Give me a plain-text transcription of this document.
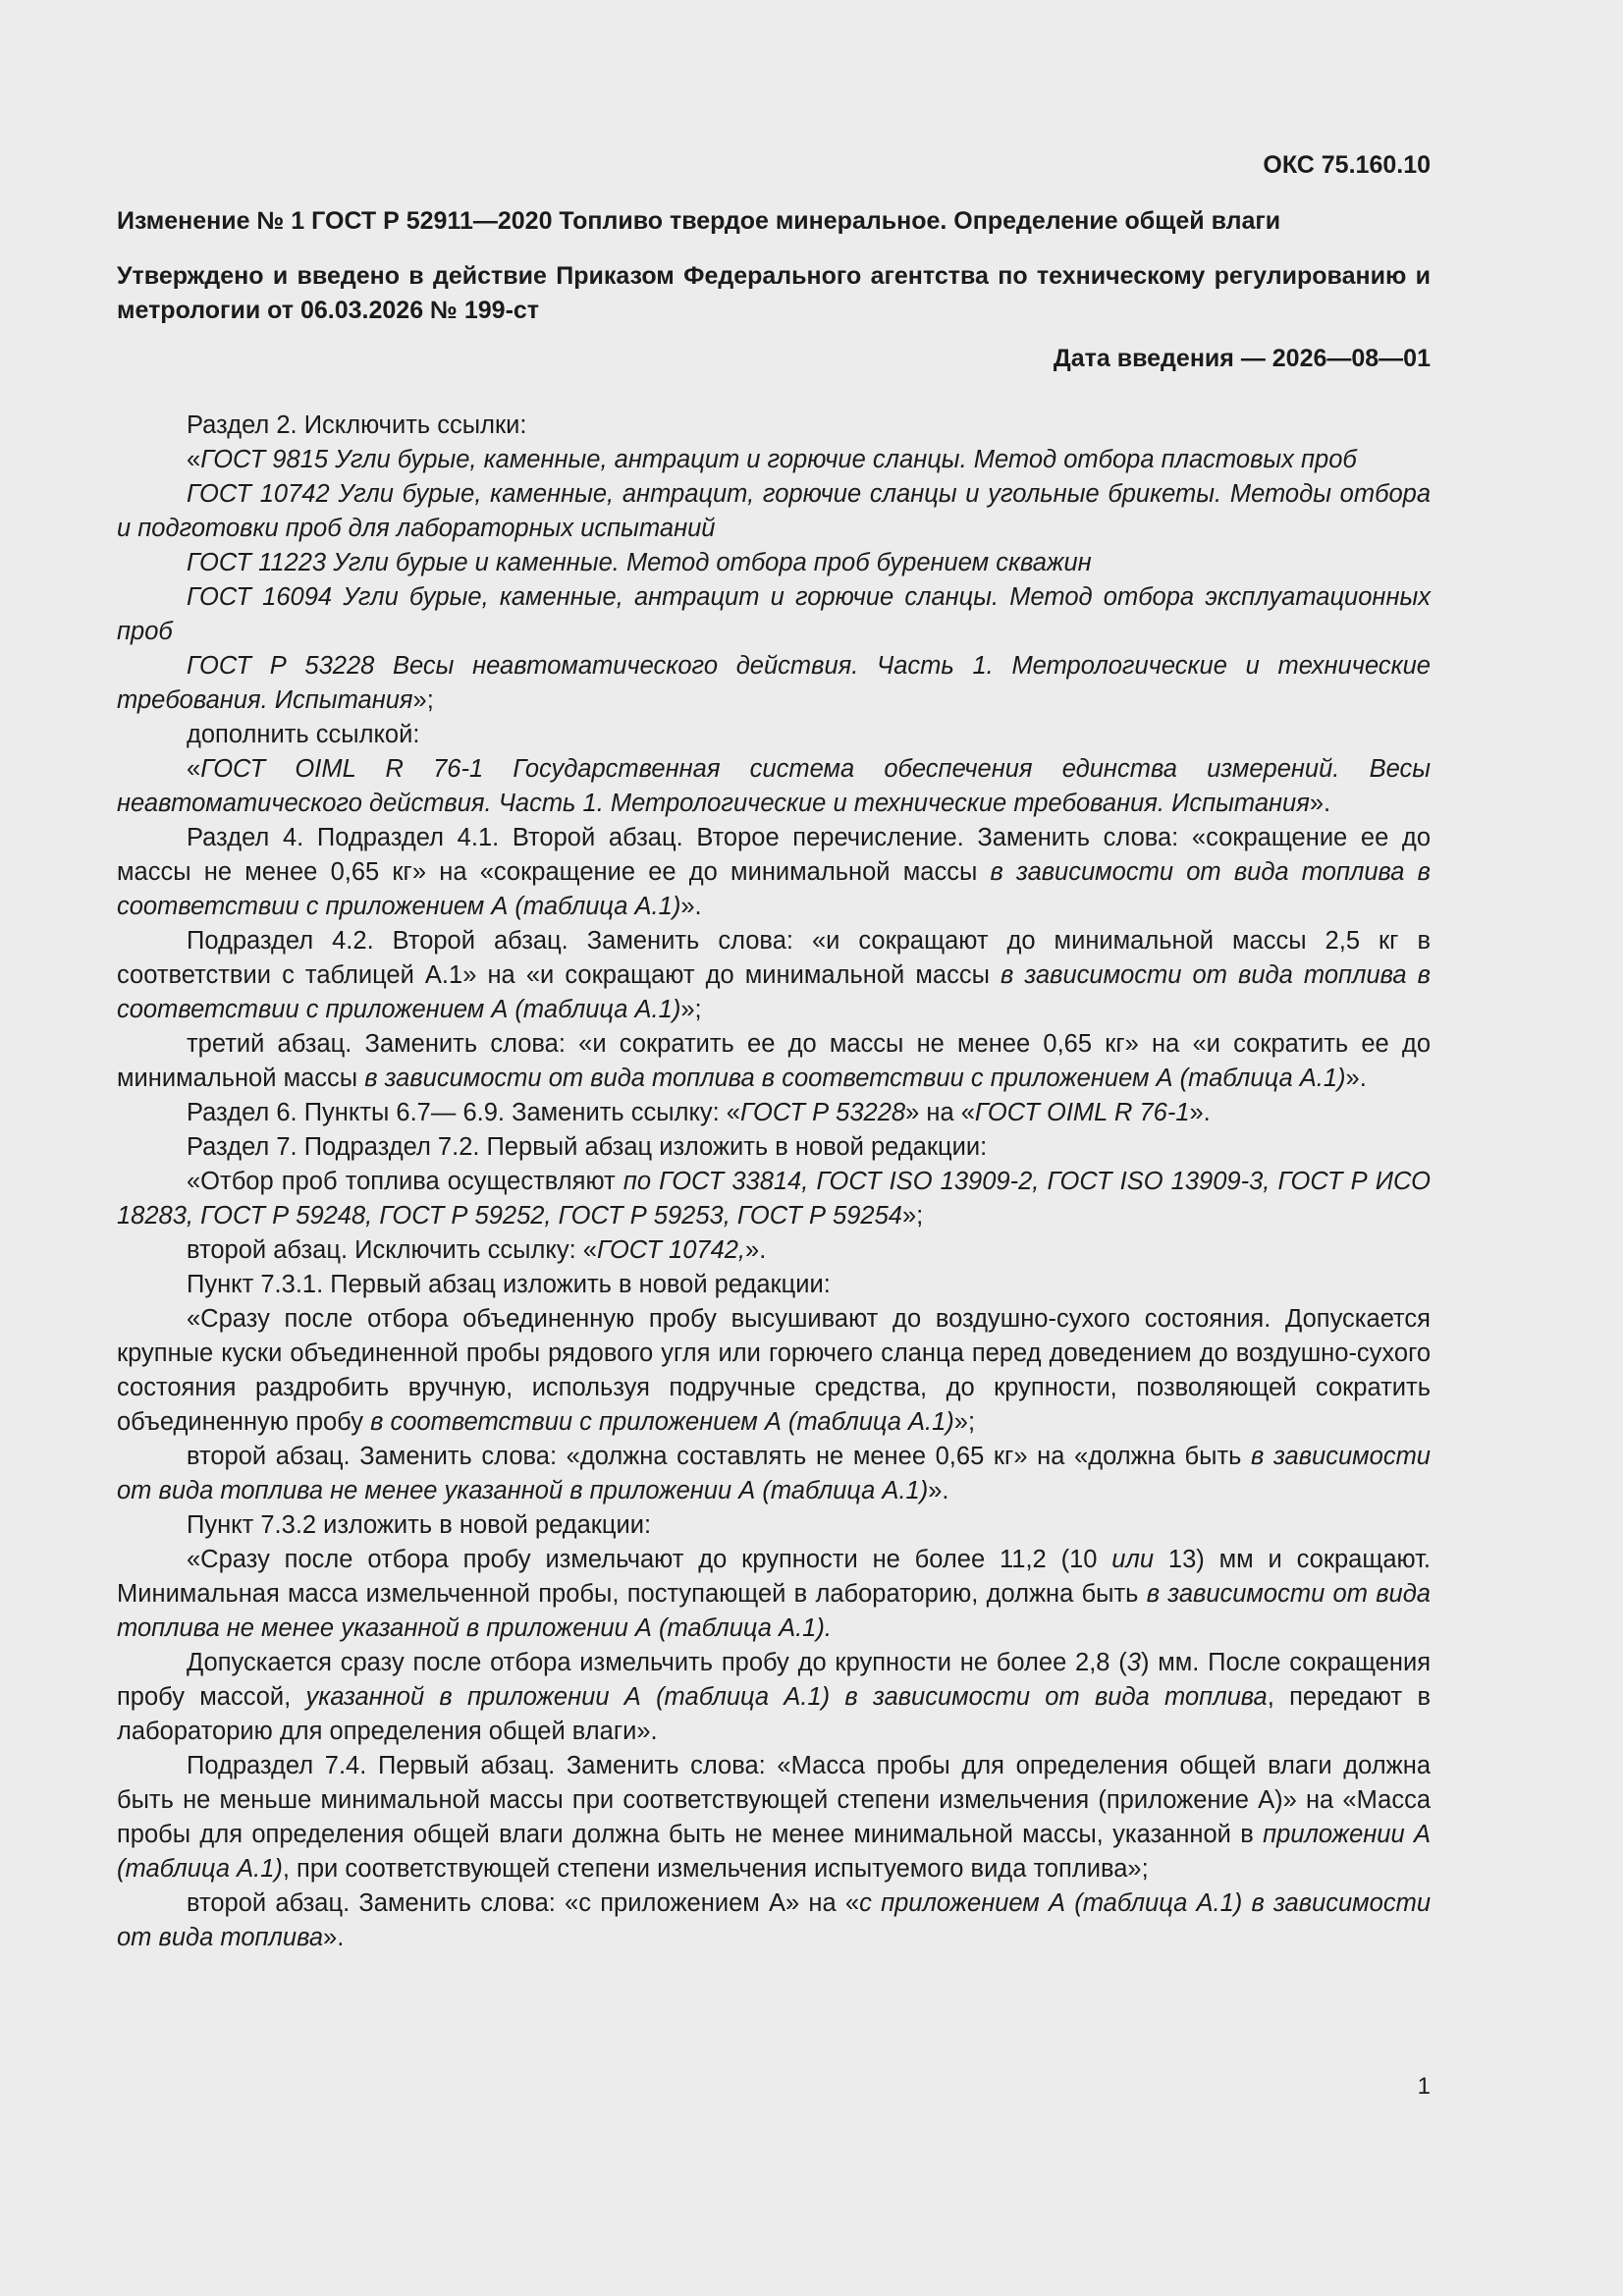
ОКС 75.160.10
Изменение № 1 ГОСТ Р 52911—2020 Топливо твердое минеральное. Определение общей влаги
Утверждено и введено в действие Приказом Федерального агентства по техническому регулированию и метрологии от 06.03.2026 № 199-ст
Дата введения — 2026—08—01

Раздел 2. Исключить ссылки:

«ГОСТ 9815 Угли бурые, каменные, антрацит и горючие сланцы. Метод отбора пластовых проб

ГОСТ 10742 Угли бурые, каменные, антрацит, горючие сланцы и угольные брикеты. Методы отбора и подготовки проб для лабораторных испытаний

ГОСТ 11223 Угли бурые и каменные. Метод отбора проб бурением скважин

ГОСТ 16094 Угли бурые, каменные, антрацит и горючие сланцы. Метод отбора эксплуатационных проб

ГОСТ Р 53228 Весы неавтоматического действия. Часть 1. Метрологические и технические требования. Испытания»;

дополнить ссылкой:

«ГОСТ OIML R 76-1 Государственная система обеспечения единства измерений. Весы неавтоматического действия. Часть 1. Метрологические и технические требования. Испытания».

Раздел 4. Подраздел 4.1. Второй абзац. Второе перечисление. Заменить слова: «сокращение ее до массы не менее 0,65 кг» на «сокращение ее до минимальной массы в зависимости от вида топлива в соответствии с приложением А (таблица А.1)».

Подраздел 4.2. Второй абзац. Заменить слова: «и сокращают до минимальной массы 2,5 кг в соответствии с таблицей А.1» на «и сокращают до минимальной массы в зависимости от вида топлива в соответствии с приложением А (таблица А.1)»;

третий абзац. Заменить слова: «и сократить ее до массы не менее 0,65 кг» на «и сократить ее до минимальной массы в зависимости от вида топлива в соответствии с приложением А (таблица А.1)».

Раздел 6. Пункты 6.7— 6.9. Заменить ссылку: «ГОСТ Р 53228» на «ГОСТ OIML R 76-1».

Раздел 7. Подраздел 7.2. Первый абзац изложить в новой редакции:

«Отбор проб топлива осуществляют по ГОСТ 33814, ГОСТ ISO 13909-2, ГОСТ ISO 13909-3, ГОСТ Р ИСО 18283, ГОСТ Р 59248, ГОСТ Р 59252, ГОСТ Р 59253, ГОСТ Р 59254»;

второй абзац. Исключить ссылку: «ГОСТ 10742,».

Пункт 7.3.1. Первый абзац изложить в новой редакции:

«Сразу после отбора объединенную пробу высушивают до воздушно-сухого состояния. Допускается крупные куски объединенной пробы рядового угля или горючего сланца перед доведением до воздушно-сухого состояния раздробить вручную, используя подручные средства, до крупности, позволяющей сократить объединенную пробу в соответствии с приложением А (таблица А.1)»;

второй абзац. Заменить слова: «должна составлять не менее 0,65 кг» на «должна быть в зависимости от вида топлива не менее указанной в приложении А (таблица А.1)».

Пункт 7.3.2 изложить в новой редакции:

«Сразу после отбора пробу измельчают до крупности не более 11,2 (10 или 13) мм и сокращают. Минимальная масса измельченной пробы, поступающей в лабораторию, должна быть в зависимости от вида топлива не менее указанной в приложении А (таблица А.1).

Допускается сразу после отбора измельчить пробу до крупности не более 2,8 (3) мм. После сокращения пробу массой, указанной в приложении А (таблица А.1) в зависимости от вида топлива, передают в лабораторию для определения общей влаги».

Подраздел 7.4. Первый абзац. Заменить слова: «Масса пробы для определения общей влаги должна быть не меньше минимальной массы при соответствующей степени измельчения (приложение А)» на «Масса пробы для определения общей влаги должна быть не менее минимальной массы, указанной в приложении А (таблица А.1), при соответствующей степени измельчения испытуемого вида топлива»;

второй абзац. Заменить слова: «с приложением А» на «с приложением А (таблица А.1) в зависимости от вида топлива».

1
